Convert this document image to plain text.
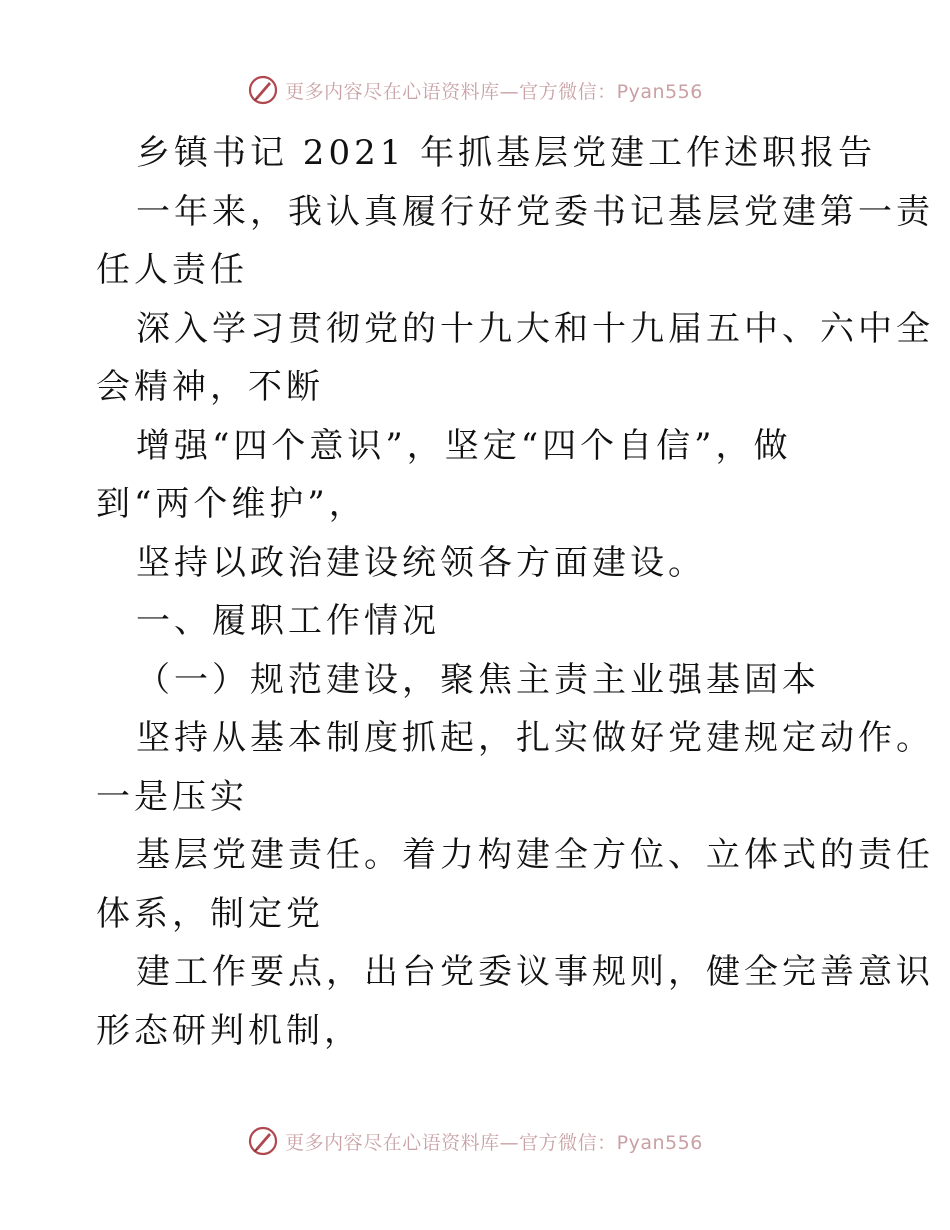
更多内容尽在心语资料库—官方微信：Pyan556
乡镇书记 2021 年抓基层党建工作述职报告
一年来，我认真履行好党委书记基层党建第一责
任人责任
深入学习贯彻党的十九大和十九届五中、六中全
会精神，不断
增强“四个意识”，坚定“四个自信”，做
到“两个维护”，
坚持以政治建设统领各方面建设。
一、履职工作情况
（一）规范建设，聚焦主责主业强基固本
坚持从基本制度抓起，扎实做好党建规定动作。
一是压实
基层党建责任。着力构建全方位、立体式的责任
体系，制定党
建工作要点，出台党委议事规则，健全完善意识
形态研判机制，
更多内容尽在心语资料库—官方微信：Pyan556
